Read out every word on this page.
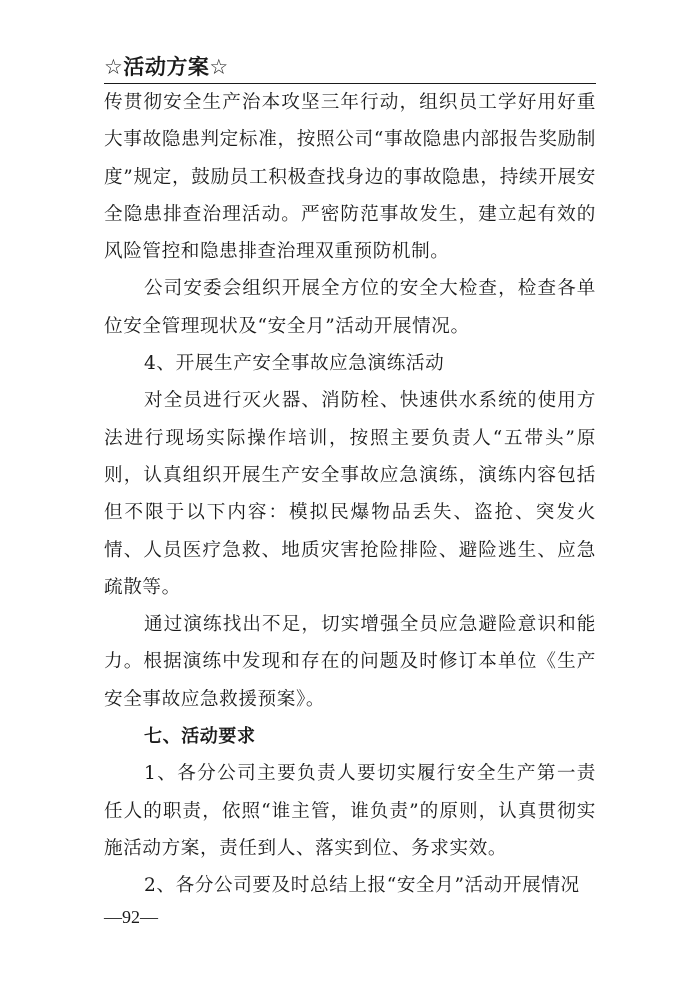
☆活动方案☆

传贯彻安全生产治本攻坚三年行动，组织员工学好用好重大事故隐患判定标准，按照公司“事故隐患内部报告奖励制度”规定，鼓励员工积极查找身边的事故隐患，持续开展安全隐患排查治理活动。严密防范事故发生，建立起有效的风险管控和隐患排查治理双重预防机制。

公司安委会组织开展全方位的安全大检查，检查各单位安全管理现状及“安全月”活动开展情况。

4、开展生产安全事故应急演练活动

对全员进行灭火器、消防栓、快速供水系统的使用方法进行现场实际操作培训，按照主要负责人“五带头”原则，认真组织开展生产安全事故应急演练，演练内容包括但不限于以下内容：模拟民爆物品丢失、盗抢、突发火情、人员医疗急救、地质灾害抢险排险、避险逃生、应急疏散等。

通过演练找出不足，切实增强全员应急避险意识和能力。根据演练中发现和存在的问题及时修订本单位《生产安全事故应急救援预案》。

七、活动要求

1、各分公司主要负责人要切实履行安全生产第一责任人的职责，依照“谁主管，谁负责”的原则，认真贯彻实施活动方案，责任到人、落实到位、务求实效。

2、各分公司要及时总结上报“安全月”活动开展情况

—92—
